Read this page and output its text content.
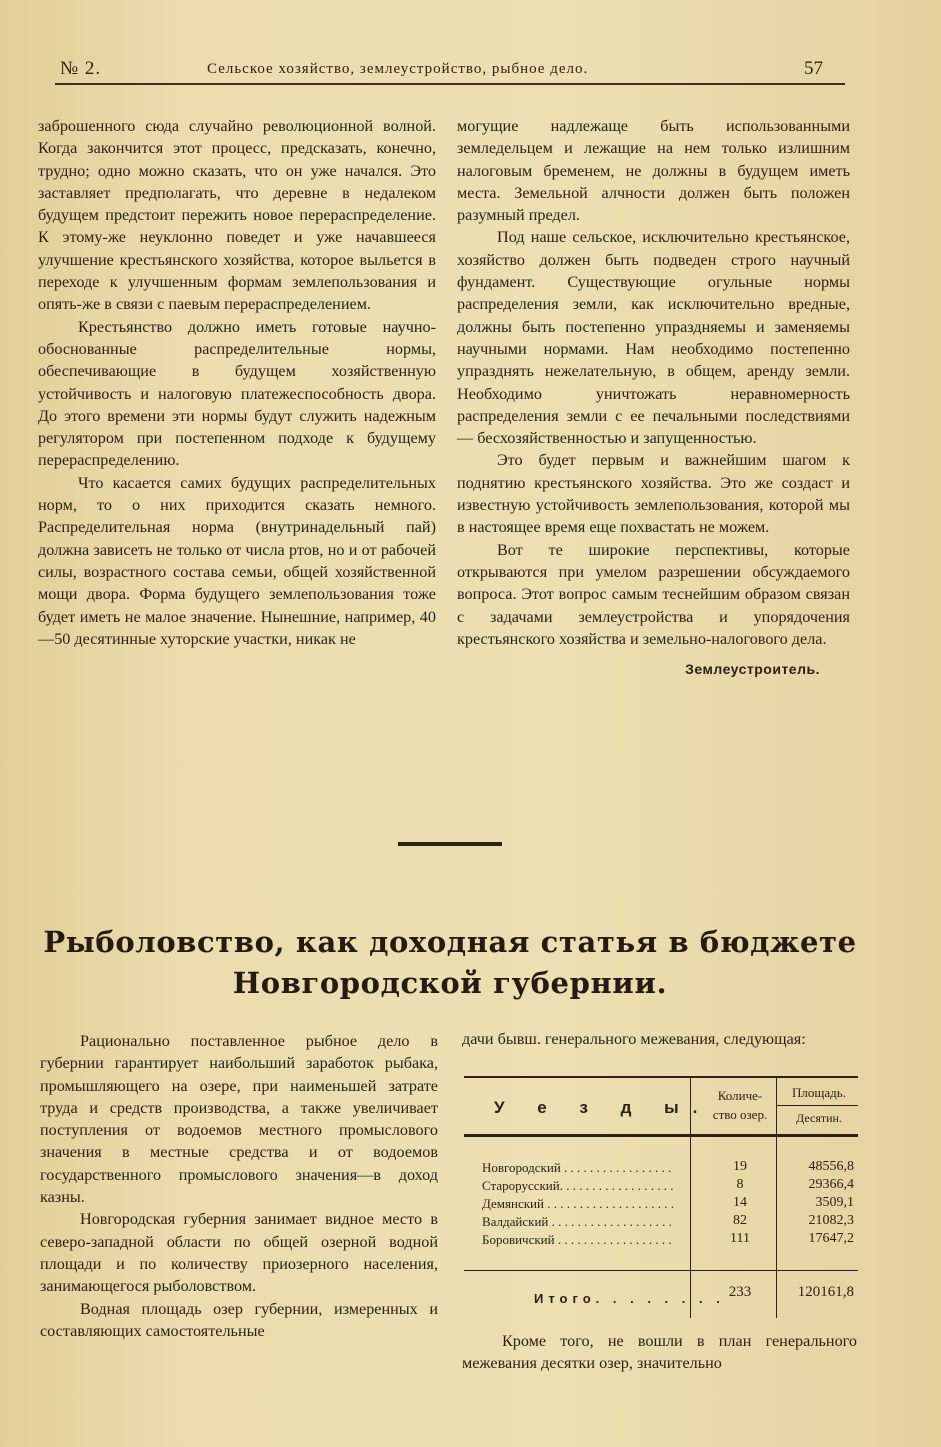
№ 2.	Сельское хозяйство, землеустройство, рыбное дело.	57

заброшенного сюда случайно революционной волной. Когда закончится этот процесс, предсказать, конечно, трудно; одно можно сказать, что он уже начался. Это заставляет предполагать, что деревне в недалеком будущем предстоит пережить новое перераспределение. К этому-же неуклонно поведет и уже начавшееся улучшение крестьянского хозяйства, которое выльется в переходе к улучшенным формам землепользования и опять-же в связи с паевым перераспределением.

Крестьянство должно иметь готовые научно-обоснованные распределительные нормы, обеспечивающие в будущем хозяйственную устойчивость и налоговую платежеспособность двора. До этого времени эти нормы будут служить надежным регулятором при постепенном подходе к будущему перераспределению.

Что касается самих будущих распределительных норм, то о них приходится сказать немного. Распределительная норма (внутринадельный пай) должна зависеть не только от числа ртов, но и от рабочей силы, возрастного состава семьи, общей хозяйственной мощи двора. Форма будущего землепользования тоже будет иметь не малое значение. Нынешние, например, 40—50 десятинные хуторские участки, никак не

могущие надлежаще быть использованными земледельцем и лежащие на нем только излишним налоговым бременем, не должны в будущем иметь места. Земельной алчности должен быть положен разумный предел.

Под наше сельское, исключительно крестьянское, хозяйство должен быть подведен строго научный фундамент. Существующие огульные нормы распределения земли, как исключительно вредные, должны быть постепенно упраздняемы и заменяемы научными нормами. Нам необходимо постепенно упразднять нежелательную, в общем, аренду земли. Необходимо уничтожать неравномерность распределения земли с ее печальными последствиями — бесхозяйственностью и запущенностью.

Это будет первым и важнейшим шагом к поднятию крестьянского хозяйства. Это же создаст и известную устойчивость землепользования, которой мы в настоящее время еще похвастать не можем.

Вот те широкие перспективы, которые открываются при умелом разрешении обсуждаемого вопроса. Этот вопрос самым теснейшим образом связан с задачами землеустройства и упорядочения крестьянского хозяйства и земельно-налогового дела.

Землеустроитель.

Рыболовство, как доходная статья в бюджете
Новгородской губернии.

Рационально поставленное рыбное дело в губернии гарантирует наибольший заработок рыбака, промышляющего на озере, при наименьшей затрате труда и средств производства, а также увеличивает поступления от водоемов местного промыслового значения в местные средства и от водоемов государственного промыслового значения—в доход казны.

Новгородская губерния занимает видное место в северо-западной области по общей озерной водной площади и по количеству приозерного населения, занимающегося рыболовством.

Водная площадь озер губернии, измеренных и составляющих самостоятельные

дачи бывш. генерального межевания, следующая:

У е з д ы.
Количе-
ство озер.
Площадь.
Десятин.
Новгородский . . . . . . . . . . . . . . . . .	19	48556,8
Старорусский. . . . . . . . . . . . . . . . . .	8	29366,4
Демянский . . . . . . . . . . . . . . . . . . . .	14	3509,1
Валдайский . . . . . . . . . . . . . . . . . . .	82	21082,3
Боровичский . . . . . . . . . . . . . . . . . .	111	17647,2
Итого. . . . . . . . 233	120161,8

Кроме того, не вошли в план генерального межевания десятки озер, значительно
